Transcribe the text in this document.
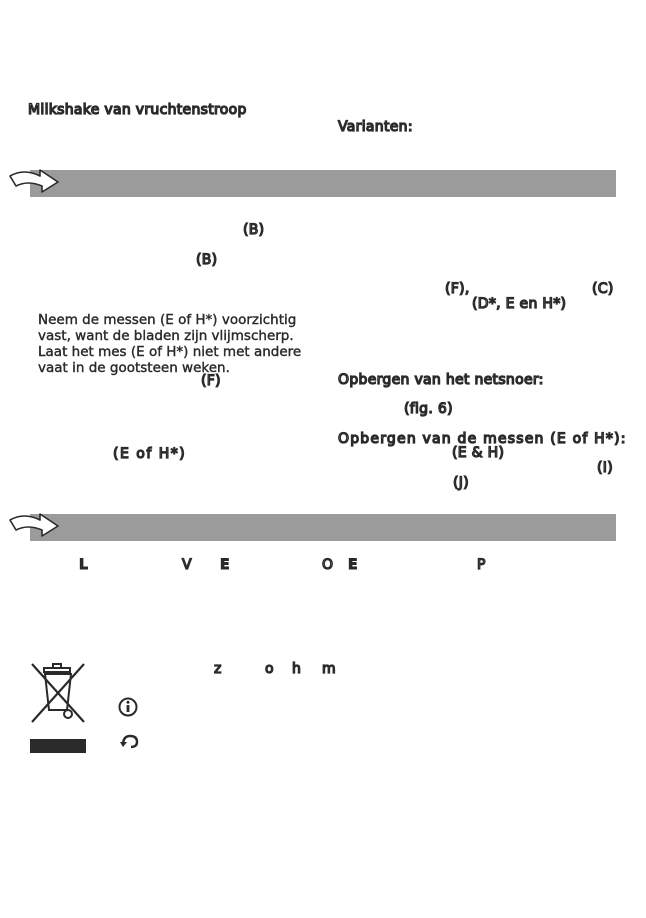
Milkshake van vruchtenstroop
Varianten:
(B)
(B)
Neem de messen (E of H*) voorzichtig vast, want de bladen zijn vlijmscherp. Laat het mes (E of H*) niet met andere vaat in de gootsteen weken.
(F)
(E of H*)
(F),	(C)
(D*, E en H*)
Opbergen van het netsnoer:
(fig. 6)
Opbergen van de messen (E of H*):
(E & H)
(I)
(J)
L	V E	O E	P
z	o h m
